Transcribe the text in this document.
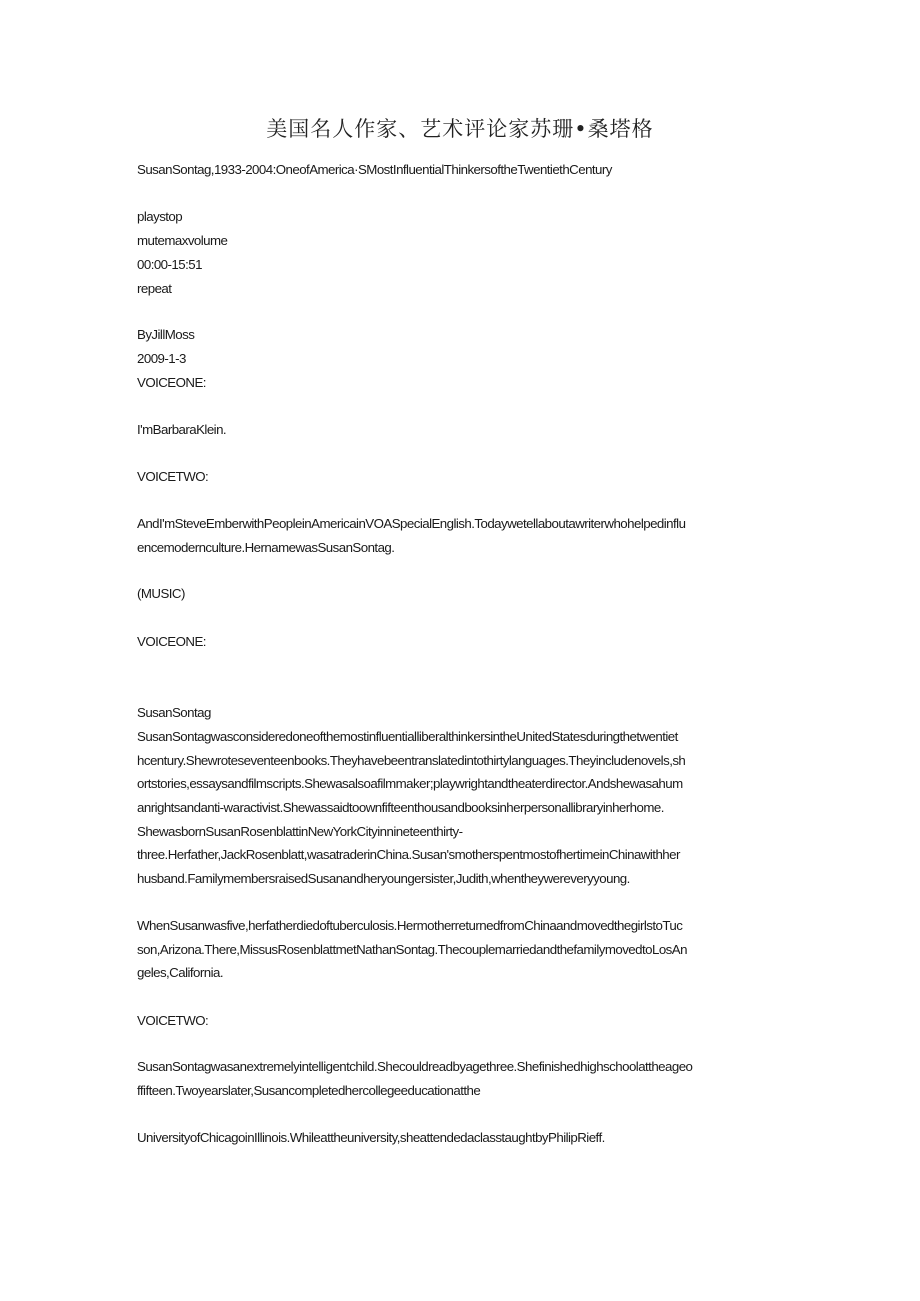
美国名人作家、艺术评论家苏珊•桑塔格
SusanSontag,1933-2004:OneofAmerica·SMostInfluentialThinkersoftheTwentiethCentury
playstop
mutemaxvolume
00:00-15:51
repeat
ByJillMoss
2009-1-3
VOICEONE:
I'mBarbaraKlein.
VOICETWO:
AndI'mSteveEmberwithPeopleinAmericainVOASpecialEnglish.Todaywetellaboutawriterwhohelpedinflu
encemodernculture.HernamewasSusanSontag.
(MUSIC)
VOICEONE:
SusanSontag
SusanSontagwasconsideredoneofthemostinfluentialliberalthinkersintheUnitedStatesduringthetwentiet
hcentury.Shewroteseventeenbooks.Theyhavebeentranslatedintothirtylanguages.Theyincludenovels,sh
ortstories,essaysandfilmscripts.Shewasalsoafilmmaker;playwrightandtheaterdirector.Andshewasahum
anrightsandanti-waractivist.Shewassaidtoownfifteenthousandbooksinherpersonallibraryinherhome.
ShewasbornSusanRosenblattinNewYorkCityinnineteenthirty-
three.Herfather,JackRosenblatt,wasatraderinChina.Susan'smotherspentmostofhertimeinChinawithher
husband.FamilymembersraisedSusanandheryoungersister,Judith,whentheywereveryyoung.
WhenSusanwasfive,herfatherdiedoftuberculosis.HermotherreturnedfromChinaandmovedthegirlstoTuc
son,Arizona.There,MissusRosenblattmetNathanSontag.ThecouplemarriedandthefamilymovedtoLosAn
geles,California.
VOICETWO:
SusanSontagwasanextremelyintelligentchild.Shecouldreadbyagethree.Shefinishedhighschoolattheageo
ffifteen.Twoyearslater,Susancompletedhercollegeeducationatthe
UniversityofChicagoinIllinois.Whileattheuniversity,sheattendedaclasstaughtbyPhilipRieff.
